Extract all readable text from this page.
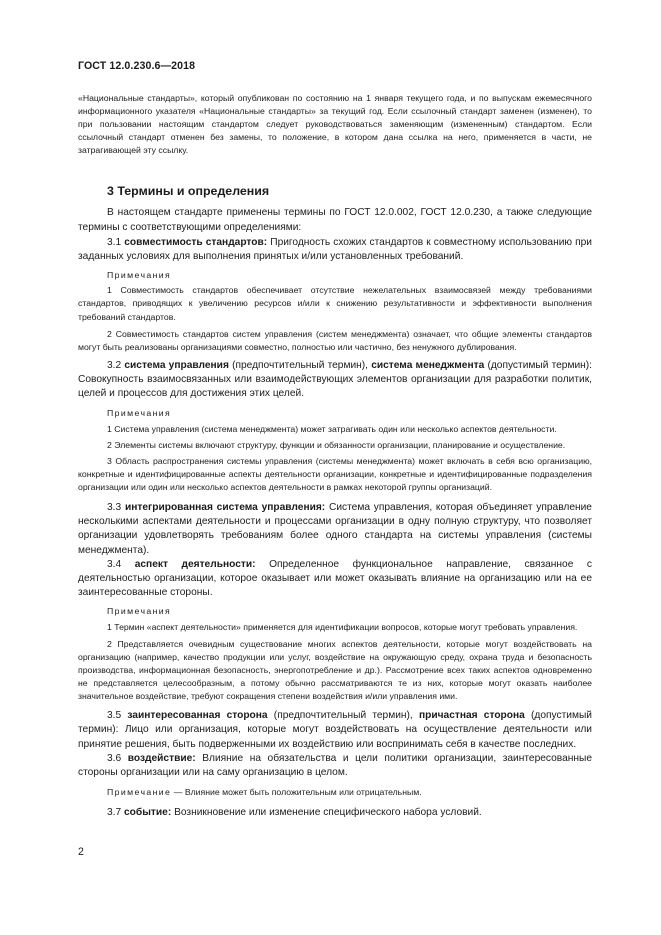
ГОСТ 12.0.230.6—2018

«Национальные стандарты», который опубликован по состоянию на 1 января текущего года, и по выпускам ежемесячного информационного указателя «Национальные стандарты» за текущий год. Если ссылочный стандарт заменен (изменен), то при пользовании настоящим стандартом следует руководствоваться заменяющим (измененным) стандартом. Если ссылочный стандарт отменен без замены, то положение, в котором дана ссылка на него, применяется в части, не затрагивающей эту ссылку.

3 Термины и определения

В настоящем стандарте применены термины по ГОСТ 12.0.002, ГОСТ 12.0.230, а также следующие термины с соответствующими определениями:

3.1 совместимость стандартов: Пригодность схожих стандартов к совместному использованию при заданных условиях для выполнения принятых и/или установленных требований.

Примечания

1 Совместимость стандартов обеспечивает отсутствие нежелательных взаимосвязей между требованиями стандартов, приводящих к увеличению ресурсов и/или к снижению результативности и эффективности выполнения требований стандартов.

2 Совместимость стандартов систем управления (систем менеджмента) означает, что общие элементы стандартов могут быть реализованы организациями совместно, полностью или частично, без ненужного дублирования.

3.2 система управления (предпочтительный термин), система менеджмента (допустимый термин): Совокупность взаимосвязанных или взаимодействующих элементов организации для разработки политик, целей и процессов для достижения этих целей.

Примечания

1 Система управления (система менеджмента) может затрагивать один или несколько аспектов деятельности.

2 Элементы системы включают структуру, функции и обязанности организации, планирование и осуществление.

3 Область распространения системы управления (системы менеджмента) может включать в себя всю организацию, конкретные и идентифицированные аспекты деятельности организации, конкретные и идентифицированные подразделения организации или один или несколько аспектов деятельности в рамках некоторой группы организаций.

3.3 интегрированная система управления: Система управления, которая объединяет управление несколькими аспектами деятельности и процессами организации в одну полную структуру, что позволяет организации удовлетворять требованиям более одного стандарта на системы управления (системы менеджмента).

3.4 аспект деятельности: Определенное функциональное направление, связанное с деятельностью организации, которое оказывает или может оказывать влияние на организацию или на ее заинтересованные стороны.

Примечания

1 Термин «аспект деятельности» применяется для идентификации вопросов, которые могут требовать управления.

2 Представляется очевидным существование многих аспектов деятельности, которые могут воздействовать на организацию (например, качество продукции или услуг, воздействие на окружающую среду, охрана труда и безопасность производства, информационная безопасность, энергопотребление и др.). Рассмотрение всех таких аспектов одновременно не представляется целесообразным, а потому обычно рассматриваются те из них, которые могут оказать наиболее значительное воздействие, требуют сокращения степени воздействия и/или управления ими.

3.5 заинтересованная сторона (предпочтительный термин), причастная сторона (допустимый термин): Лицо или организация, которые могут воздействовать на осуществление деятельности или принятие решения, быть подверженными их воздействию или воспринимать себя в качестве последних.

3.6 воздействие: Влияние на обязательства и цели политики организации, заинтересованные стороны организации или на саму организацию в целом.

Примечание — Влияние может быть положительным или отрицательным.

3.7 событие: Возникновение или изменение специфического набора условий.

2
